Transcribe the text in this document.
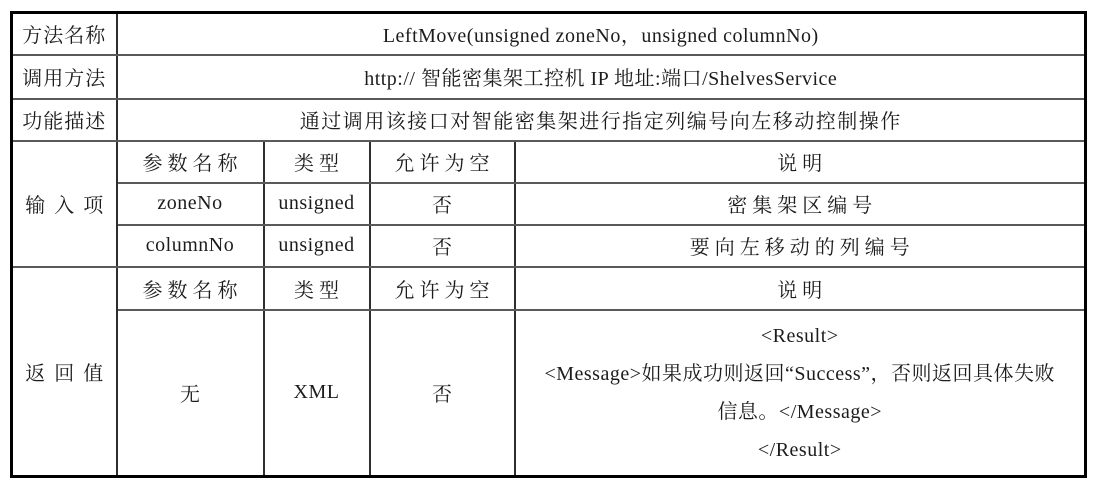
方法名称	LeftMove(unsigned zoneNo，unsigned columnNo)			
调用方法	http:// 智能密集架工控机 IP 地址:端口/ShelvesService			
功能描述	通过调用该接口对智能密集架进行指定列编号向左移动控制操作			
输入项	参数名称	类型	允许为空	说明
	zoneNo	unsigned	否	密集架区编号
	columnNo	unsigned	否	要向左移动的列编号
返回值	参数名称	类型	允许为空	说明
	无	XML	否	<Result>
<Message>如果成功则返回“Success”，否则返回具体失败
信息。</Message>
</Result>
